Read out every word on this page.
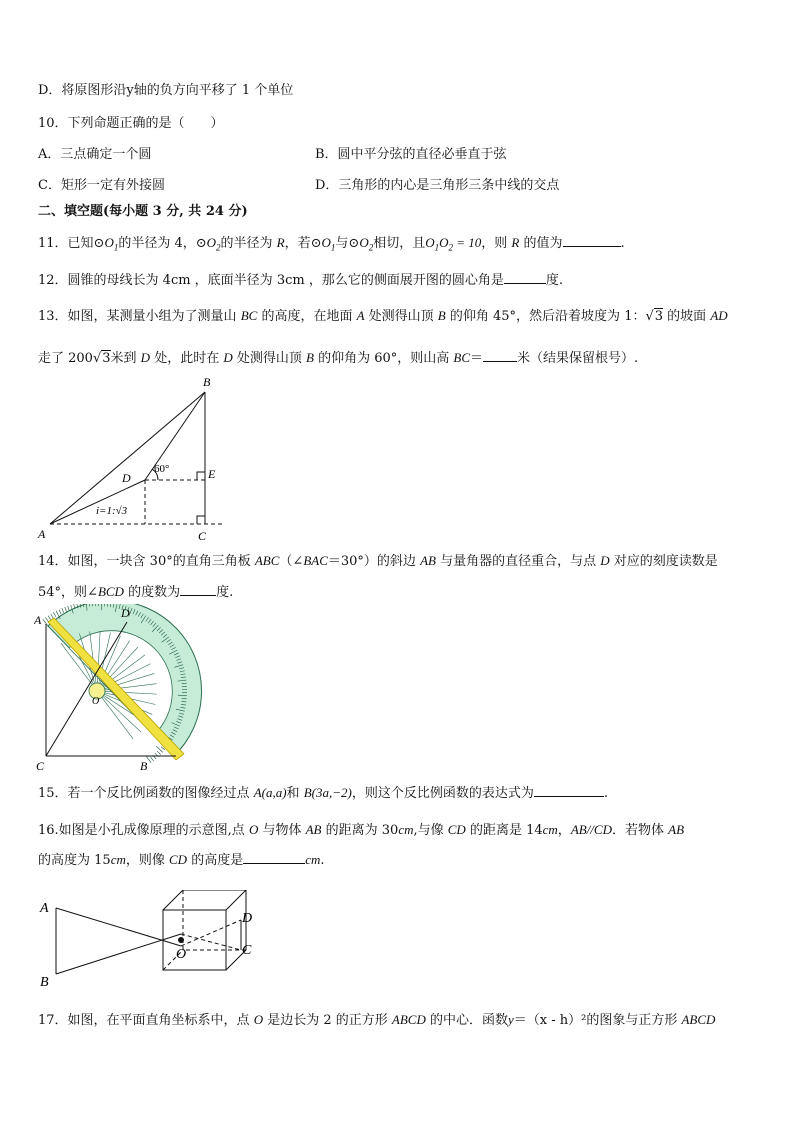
D．将原图形沿y轴的负方向平移了 1 个单位
10．下列命题正确的是（　　）
A．三点确定一个圆	B．圆中平分弦的直径必垂直于弦
C．矩形一定有外接圆	D．三角形的内心是三角形三条中线的交点
二、填空题(每小题 3 分, 共 24 分)
11．已知$⊙O_1$的半径为 4，$⊙O_2$的半径为 R，若$⊙O_1$与$⊙O_2$相切，且$O_1O_2 = 10$，则 R 的值为	.
12．圆锥的母线长为 4cm ，底面半径为 3cm ，那么它的侧面展开图的圆心角是	度.
13．如图，某测量小组为了测量山 BC 的高度，在地面 A 处测得山顶 B 的仰角 45°，然后沿着坡度为 1：√3 的坡面 AD
走了 200√3米到 D 处，此时在 D 处测得山顶 B 的仰角为 60°，则山高 BC＝	米（结果保留根号）.
B
D
60°	E
i=1:√3
A	C
14．如图，一块含 30°的直角三角板 ABC（∠BAC＝30°）的斜边 AB 与量角器的直径重合，与点 D 对应的刻度读数是
54°，则∠BCD 的度数为	度.
A	D
O
C	B
15．若一个反比例函数的图像经过点 A(a,a)和 B(3a,−2)，则这个反比例函数的表达式为	.
16.如图是小孔成像原理的示意图,点 O 与物体 AB 的距离为 30cm,与像 CD 的距离是 14cm，AB//CD．若物体 AB
的高度为 15cm，则像 CD 的高度是	cm.
A
B
O
D
C
17．如图，在平面直角坐标系中，点 O 是边长为 2 的正方形 ABCD 的中心．函数y＝（x - h）²的图象与正方形 ABCD
